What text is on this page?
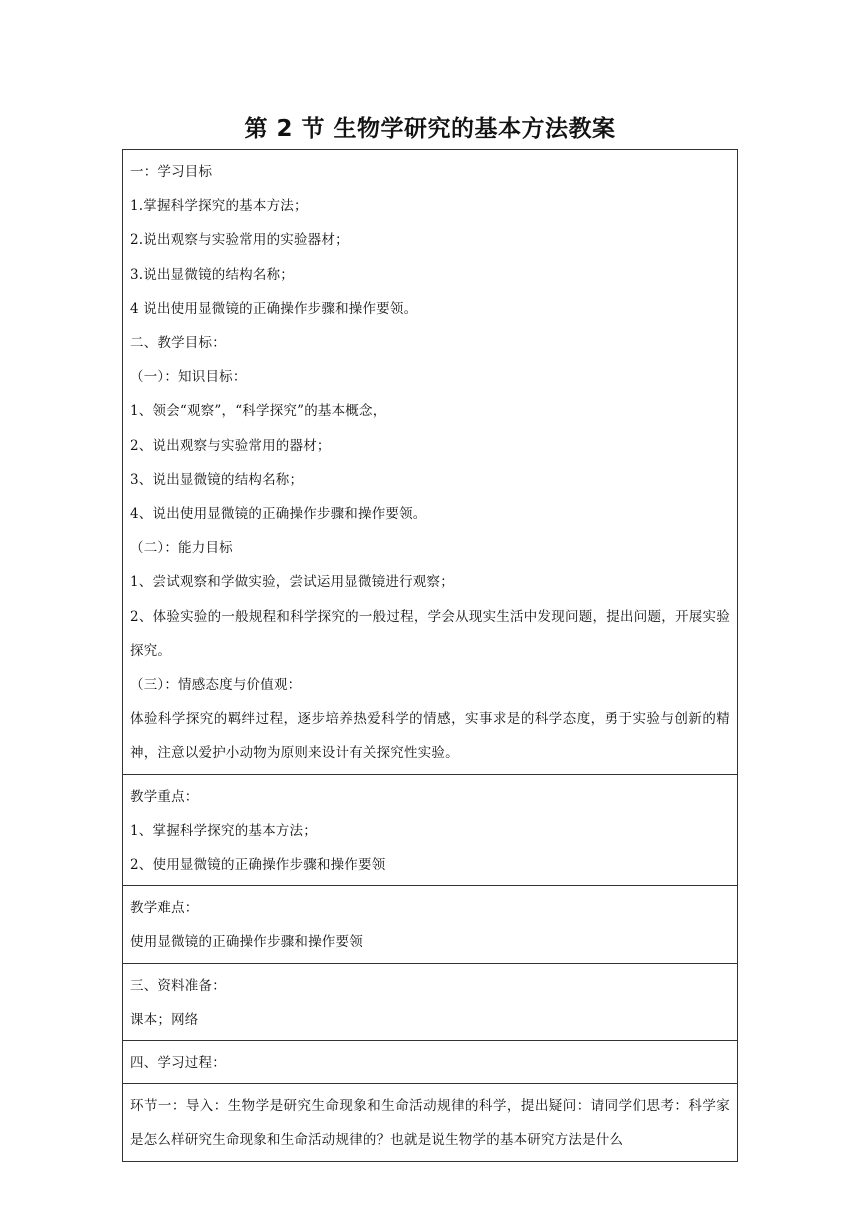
第 2 节 生物学研究的基本方法教案
一：学习目标
1.掌握科学探究的基本方法；
2.说出观察与实验常用的实验器材；
3.说出显微镜的结构名称；
4 说出使用显微镜的正确操作步骤和操作要领。
二、教学目标：
（一）：知识目标：
1、领会“观察”，“科学探究”的基本概念，
2、说出观察与实验常用的器材；
3、说出显微镜的结构名称；
4、说出使用显微镜的正确操作步骤和操作要领。
（二）：能力目标
1、尝试观察和学做实验，尝试运用显微镜进行观察；
2、体验实验的一般规程和科学探究的一般过程，学会从现实生活中发现问题，提出问题，开展实验探究。
（三）：情感态度与价值观：
体验科学探究的羁绊过程，逐步培养热爱科学的情感，实事求是的科学态度，勇于实验与创新的精神，注意以爱护小动物为原则来设计有关探究性实验。

教学重点：
1、掌握科学探究的基本方法；
2、使用显微镜的正确操作步骤和操作要领

教学难点：
使用显微镜的正确操作步骤和操作要领

三、资料准备：
课本；网络

四、学习过程：

环节一：导入：生物学是研究生命现象和生命活动规律的科学，提出疑问：请同学们思考：科学家是怎么样研究生命现象和生命活动规律的？也就是说生物学的基本研究方法是什么
